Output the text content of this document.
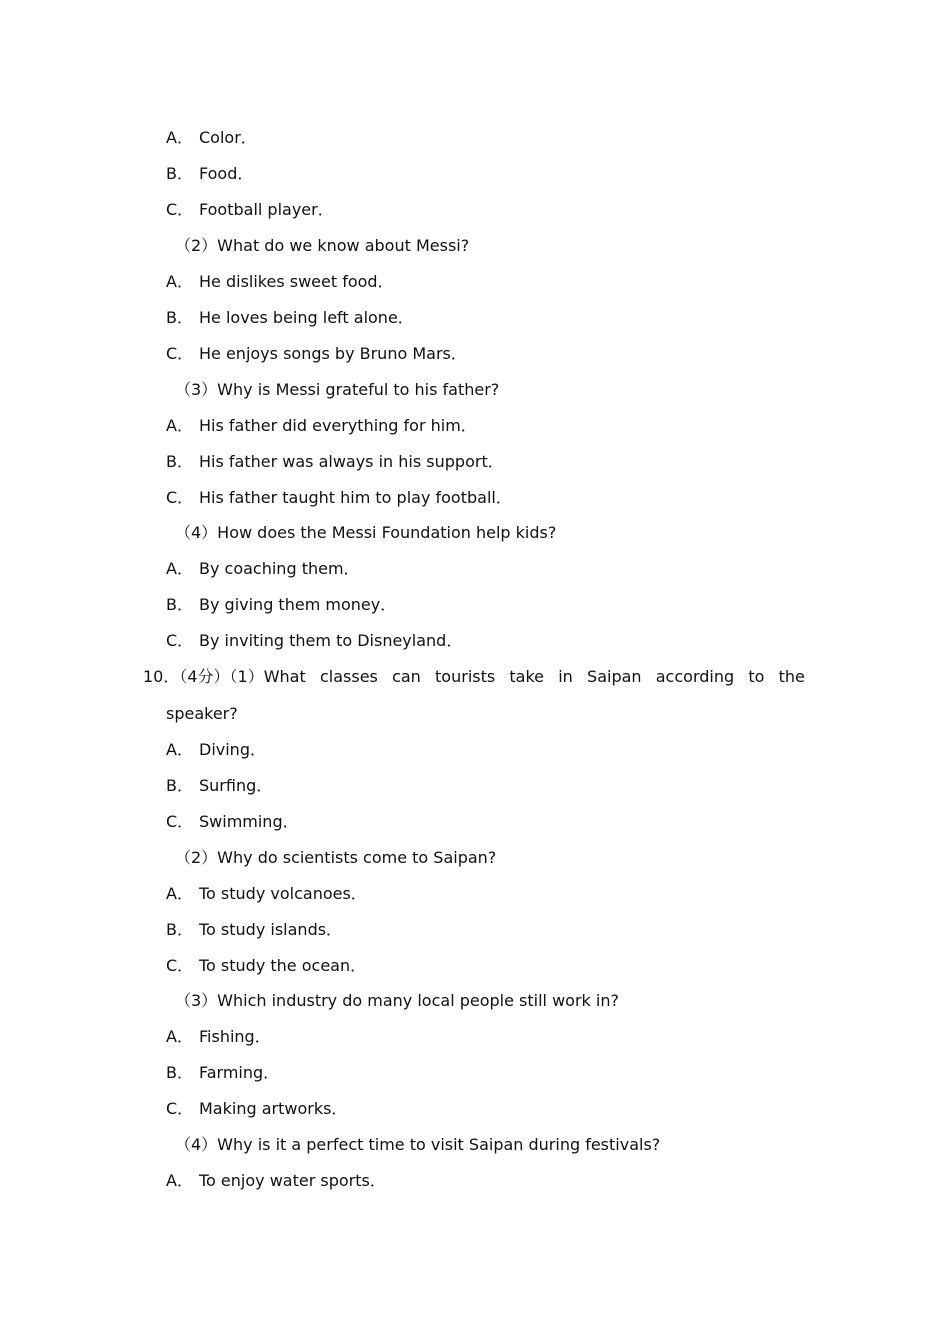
A． Color．
B． Food．
C． Football player．
（2）What do we know about Messi?
A． He dislikes sweet food．
B． He loves being left alone．
C． He enjoys songs by Bruno Mars．
（3）Why is Messi grateful to his father?
A． His father did everything for him．
B． His father was always in his support．
C． His father taught him to play football．
（4）How does the Messi Foundation help kids?
A． By coaching them．
B． By giving them money．
C． By inviting them to Disneyland．
10．（4分）（1）What classes can tourists take in Saipan according to the
speaker?
A． Diving．
B． Surfing．
C． Swimming．
（2）Why do scientists come to Saipan?
A． To study volcanoes．
B． To study islands．
C． To study the ocean．
（3）Which industry do many local people still work in?
A． Fishing．
B． Farming．
C． Making artworks．
（4）Why is it a perfect time to visit Saipan during festivals?
A． To enjoy water sports．
